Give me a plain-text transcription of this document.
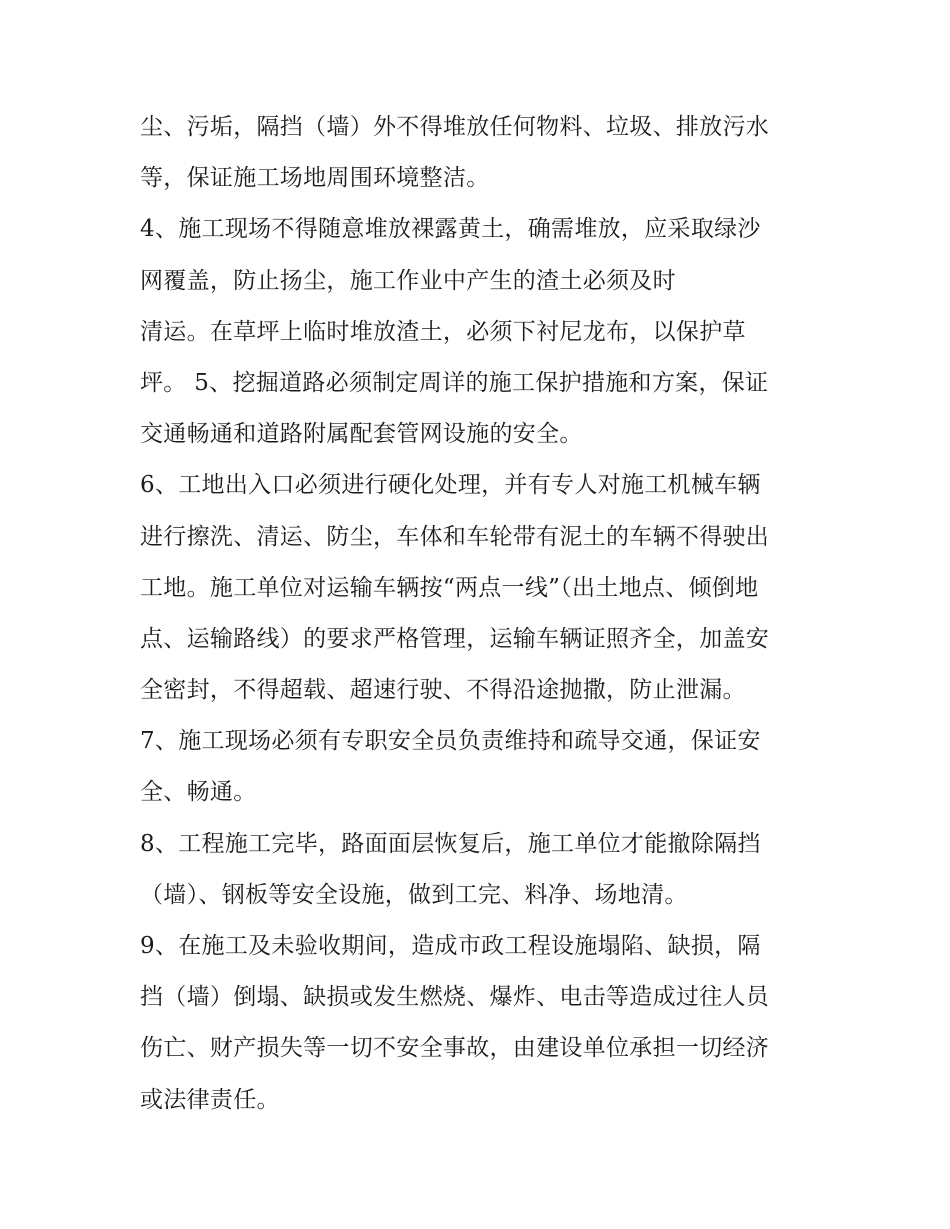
尘、污垢，隔挡（墙）外不得堆放任何物料、垃圾、排放污水
等，保证施工场地周围环境整洁。
4、施工现场不得随意堆放裸露黄土，确需堆放，应采取绿沙
网覆盖，防止扬尘，施工作业中产生的渣土必须及时
清运。在草坪上临时堆放渣土，必须下衬尼龙布，以保护草
坪。 5、挖掘道路必须制定周详的施工保护措施和方案，保证
交通畅通和道路附属配套管网设施的安全。
6、工地出入口必须进行硬化处理，并有专人对施工机械车辆
进行擦洗、清运、防尘，车体和车轮带有泥土的车辆不得驶出
工地。施工单位对运输车辆按“两点一线”（出土地点、倾倒地
点、运输路线）的要求严格管理，运输车辆证照齐全，加盖安
全密封，不得超载、超速行驶、不得沿途抛撒，防止泄漏。
7、施工现场必须有专职安全员负责维持和疏导交通，保证安
全、畅通。
8、工程施工完毕，路面面层恢复后，施工单位才能撤除隔挡
（墙）、钢板等安全设施，做到工完、料净、场地清。
9、在施工及未验收期间，造成市政工程设施塌陷、缺损，隔
挡（墙）倒塌、缺损或发生燃烧、爆炸、电击等造成过往人员
伤亡、财产损失等一切不安全事故，由建设单位承担一切经济
或法律责任。
